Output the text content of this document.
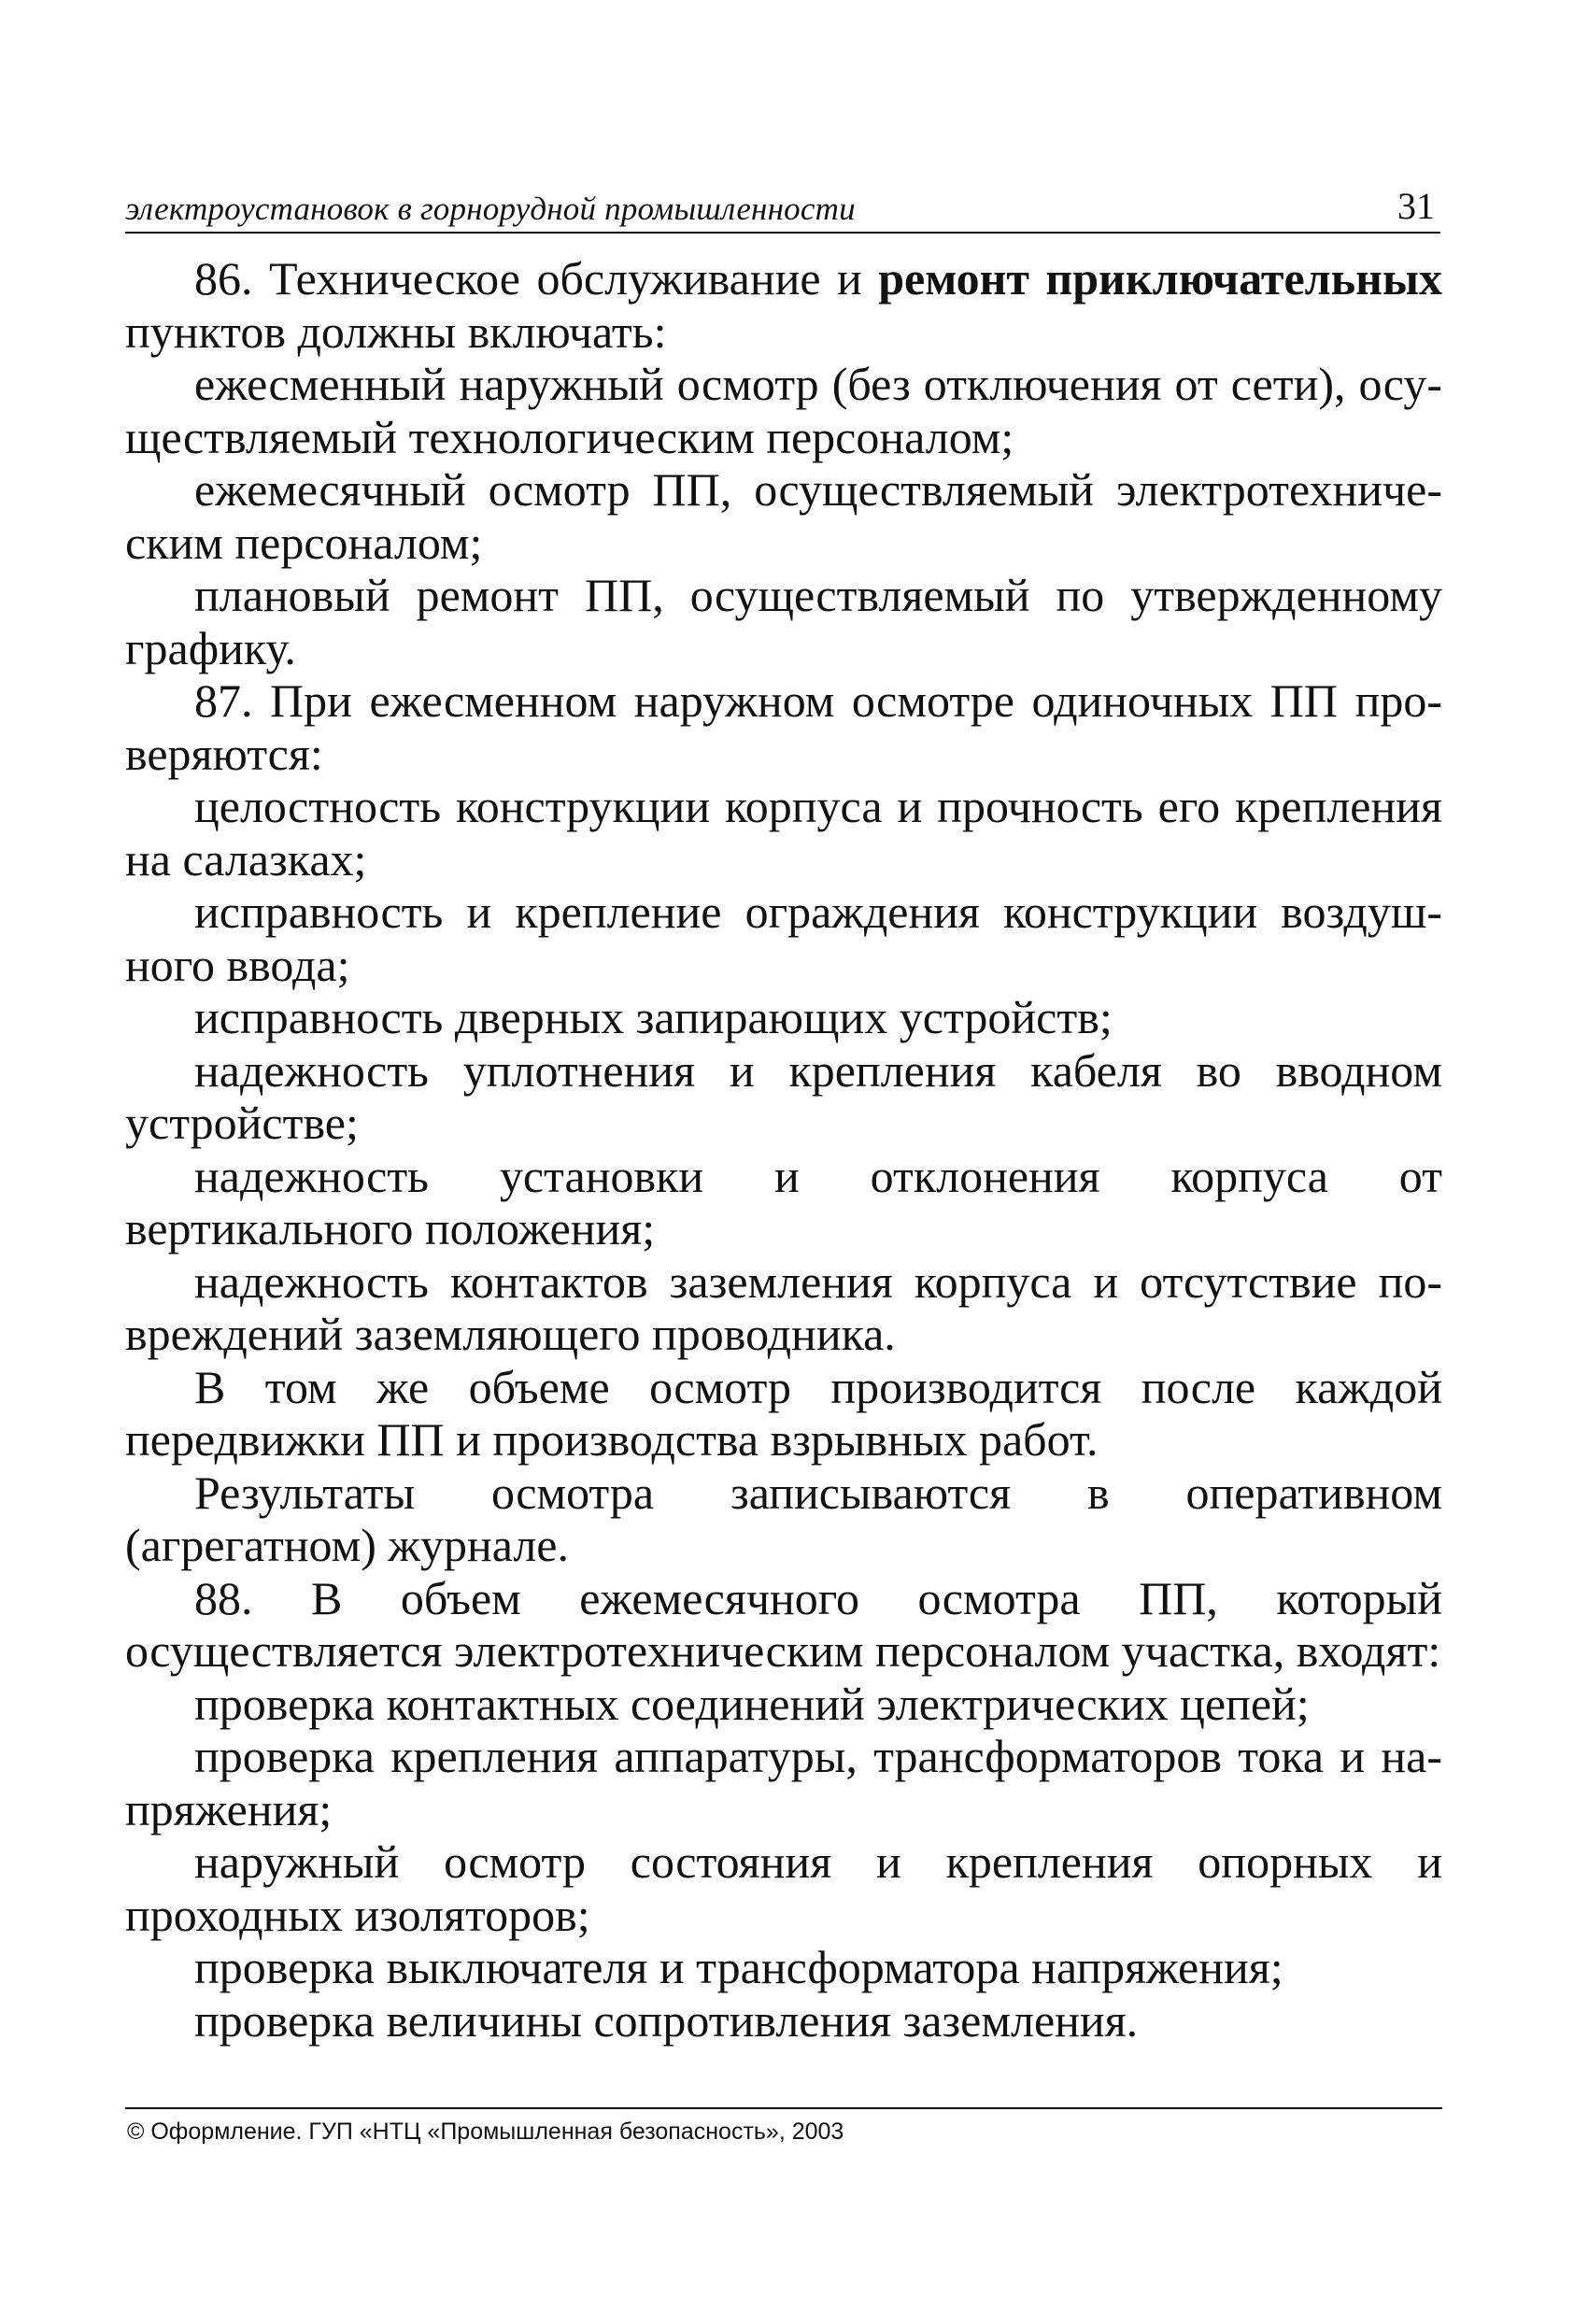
электроустановок в горнорудной промышленности	31

86. Техническое обслуживание и ремонт приключательных пунктов должны включать:

ежесменный наружный осмотр (без отключения от сети), осуществляемый технологическим персоналом;

ежемесячный осмотр ПП, осуществляемый электротехническим персоналом;

плановый ремонт ПП, осуществляемый по утвержденному графику.

87. При ежесменном наружном осмотре одиночных ПП проверяются:

целостность конструкции корпуса и прочность его крепления на салазках;

исправность и крепление ограждения конструкции воздушного ввода;

исправность дверных запирающих устройств;

надежность уплотнения и крепления кабеля во вводном устройстве;

надежность установки и отклонения корпуса от вертикального положения;

надежность контактов заземления корпуса и отсутствие повреждений заземляющего проводника.

В том же объеме осмотр производится после каждой передвижки ПП и производства взрывных работ.

Результаты осмотра записываются в оперативном (агрегатном) журнале.

88. В объем ежемесячного осмотра ПП, который осуществляется электротехническим персоналом участка, входят:

проверка контактных соединений электрических цепей;

проверка крепления аппаратуры, трансформаторов тока и напряжения;

наружный осмотр состояния и крепления опорных и проходных изоляторов;

проверка выключателя и трансформатора напряжения;

проверка величины сопротивления заземления.

© Оформление. ГУП «НТЦ «Промышленная безопасность», 2003
